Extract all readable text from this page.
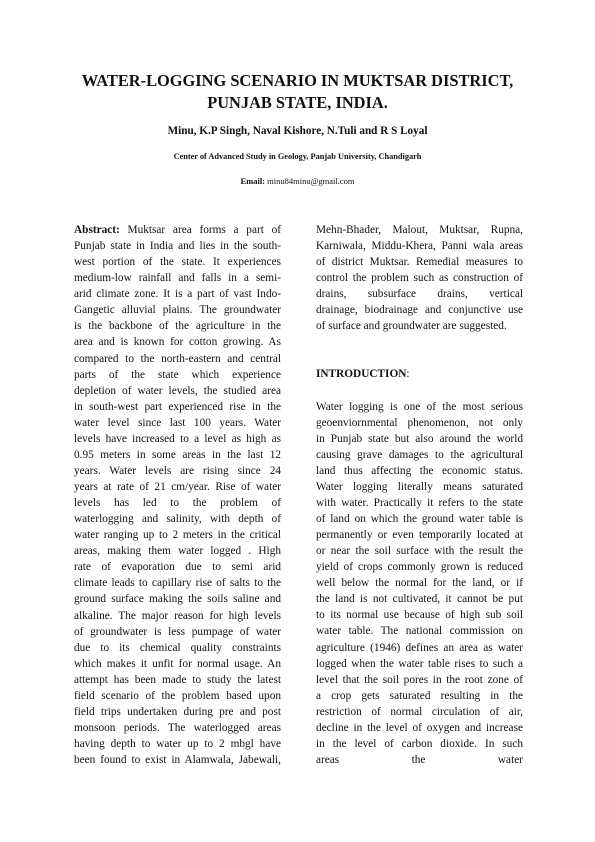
WATER-LOGGING SCENARIO IN MUKTSAR DISTRICT,
PUNJAB STATE, INDIA.
Minu, K.P Singh, Naval Kishore, N.Tuli and R S Loyal
Center of Advanced Study in Geology, Panjab University, Chandigarh
Email: minu84minu@gmail.com
Abstract: Muktsar area forms a part of
Punjab state in India and lies in the south-
west portion of the state. It experiences
medium-low rainfall and falls in a semi-
arid climate zone. It is a part of vast Indo-
Gangetic alluvial plains. The groundwater
is the backbone of the agriculture in the
area and is known for cotton growing. As
compared to the north-eastern and central
parts of the state which experience
depletion of water levels, the studied area
in south-west part experienced rise in the
water level since last 100 years. Water
levels have increased to a level as high as
0.95 meters in some areas in the last 12
years. Water levels are rising since 24
years at rate of 21 cm/year. Rise of water
levels has led to the problem of
waterlogging and salinity, with depth of
water ranging up to 2 meters in the critical
areas, making them water logged . High
rate of evaporation due to semi arid
climate leads to capillary rise of salts to the
ground surface making the soils saline and
alkaline. The major reason for high levels
of groundwater is less pumpage of water
due to its chemical quality constraints
which makes it unfit for normal usage. An
attempt has been made to study the latest
field scenario of the problem based upon
field trips undertaken during pre and post
monsoon periods. The waterlogged areas
having depth to water up to 2 mbgl have
been found to exist in Alamwala, Jabewali,
Mehn-Bhader, Malout, Muktsar, Rupna,
Karniwala, Middu-Khera, Panni wala areas
of district Muktsar. Remedial measures to
control the problem such as construction of
drains, subsurface drains, vertical
drainage, biodrainage and conjunctive use
of surface and groundwater are suggested.
INTRODUCTION:
Water logging is one of the most serious
geoenviornmental phenomenon, not only
in Punjab state but also around the world
causing grave damages to the agricultural
land thus affecting the economic status.
Water logging literally means saturated
with water. Practically it refers to the state
of land on which the ground water table is
permanently or even temporarily located at
or near the soil surface with the result the
yield of crops commonly grown is reduced
well below the normal for the land, or if
the land is not cultivated, it cannot be put
to its normal use because of high sub soil
water table. The national commission on
agriculture (1946) defines an area as water
logged when the water table rises to such a
level that the soil pores in the root zone of
a crop gets saturated resulting in the
restriction of normal circulation of air,
decline in the level of oxygen and increase
in the level of carbon dioxide. In such
areas the water
